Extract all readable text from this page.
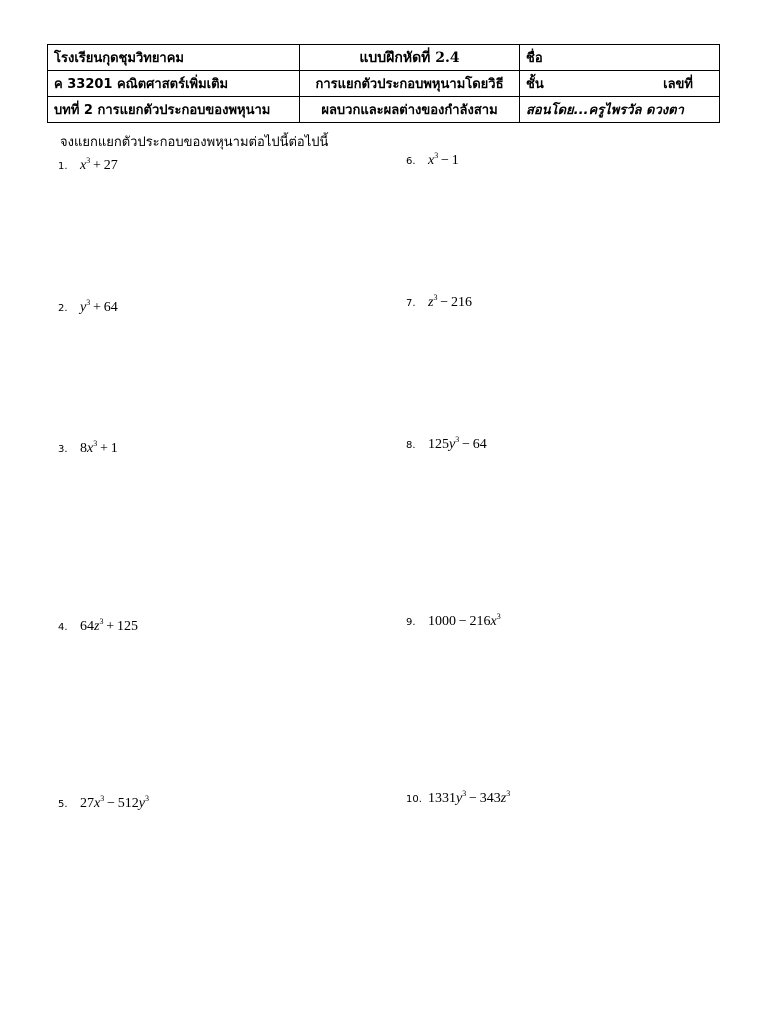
โรงเรียนกุดชุมวิทยาคม	แบบฝึกหัดที่ 2.4	ชื่อ
ค 33201 คณิตศาสตร์เพิ่มเติม	การแยกตัวประกอบพหุนามโดยวิธี	ชั้น เลขที่

บทที่ 2 การแยกตัวประกอบของพหุนาม	ผลบวกและผลต่างของกำลังสาม	สอนโดย...ครูไพรวัล ดวงตา
จงแยกแยกตัวประกอบของพหุนามต่อไปนี้ต่อไปนี้
1. $x^3 + 27$
2. $y^3 + 64$
3. $8x^3 + 1$
4. $64z^3 + 125$
5. $27x^3 - 512y^3$
6. $x^3 - 1$
7. $z^3 - 216$
8. $125y^3 - 64$
9. $1000 - 216x^3$
10. $1331y^3 - 343z^3$
